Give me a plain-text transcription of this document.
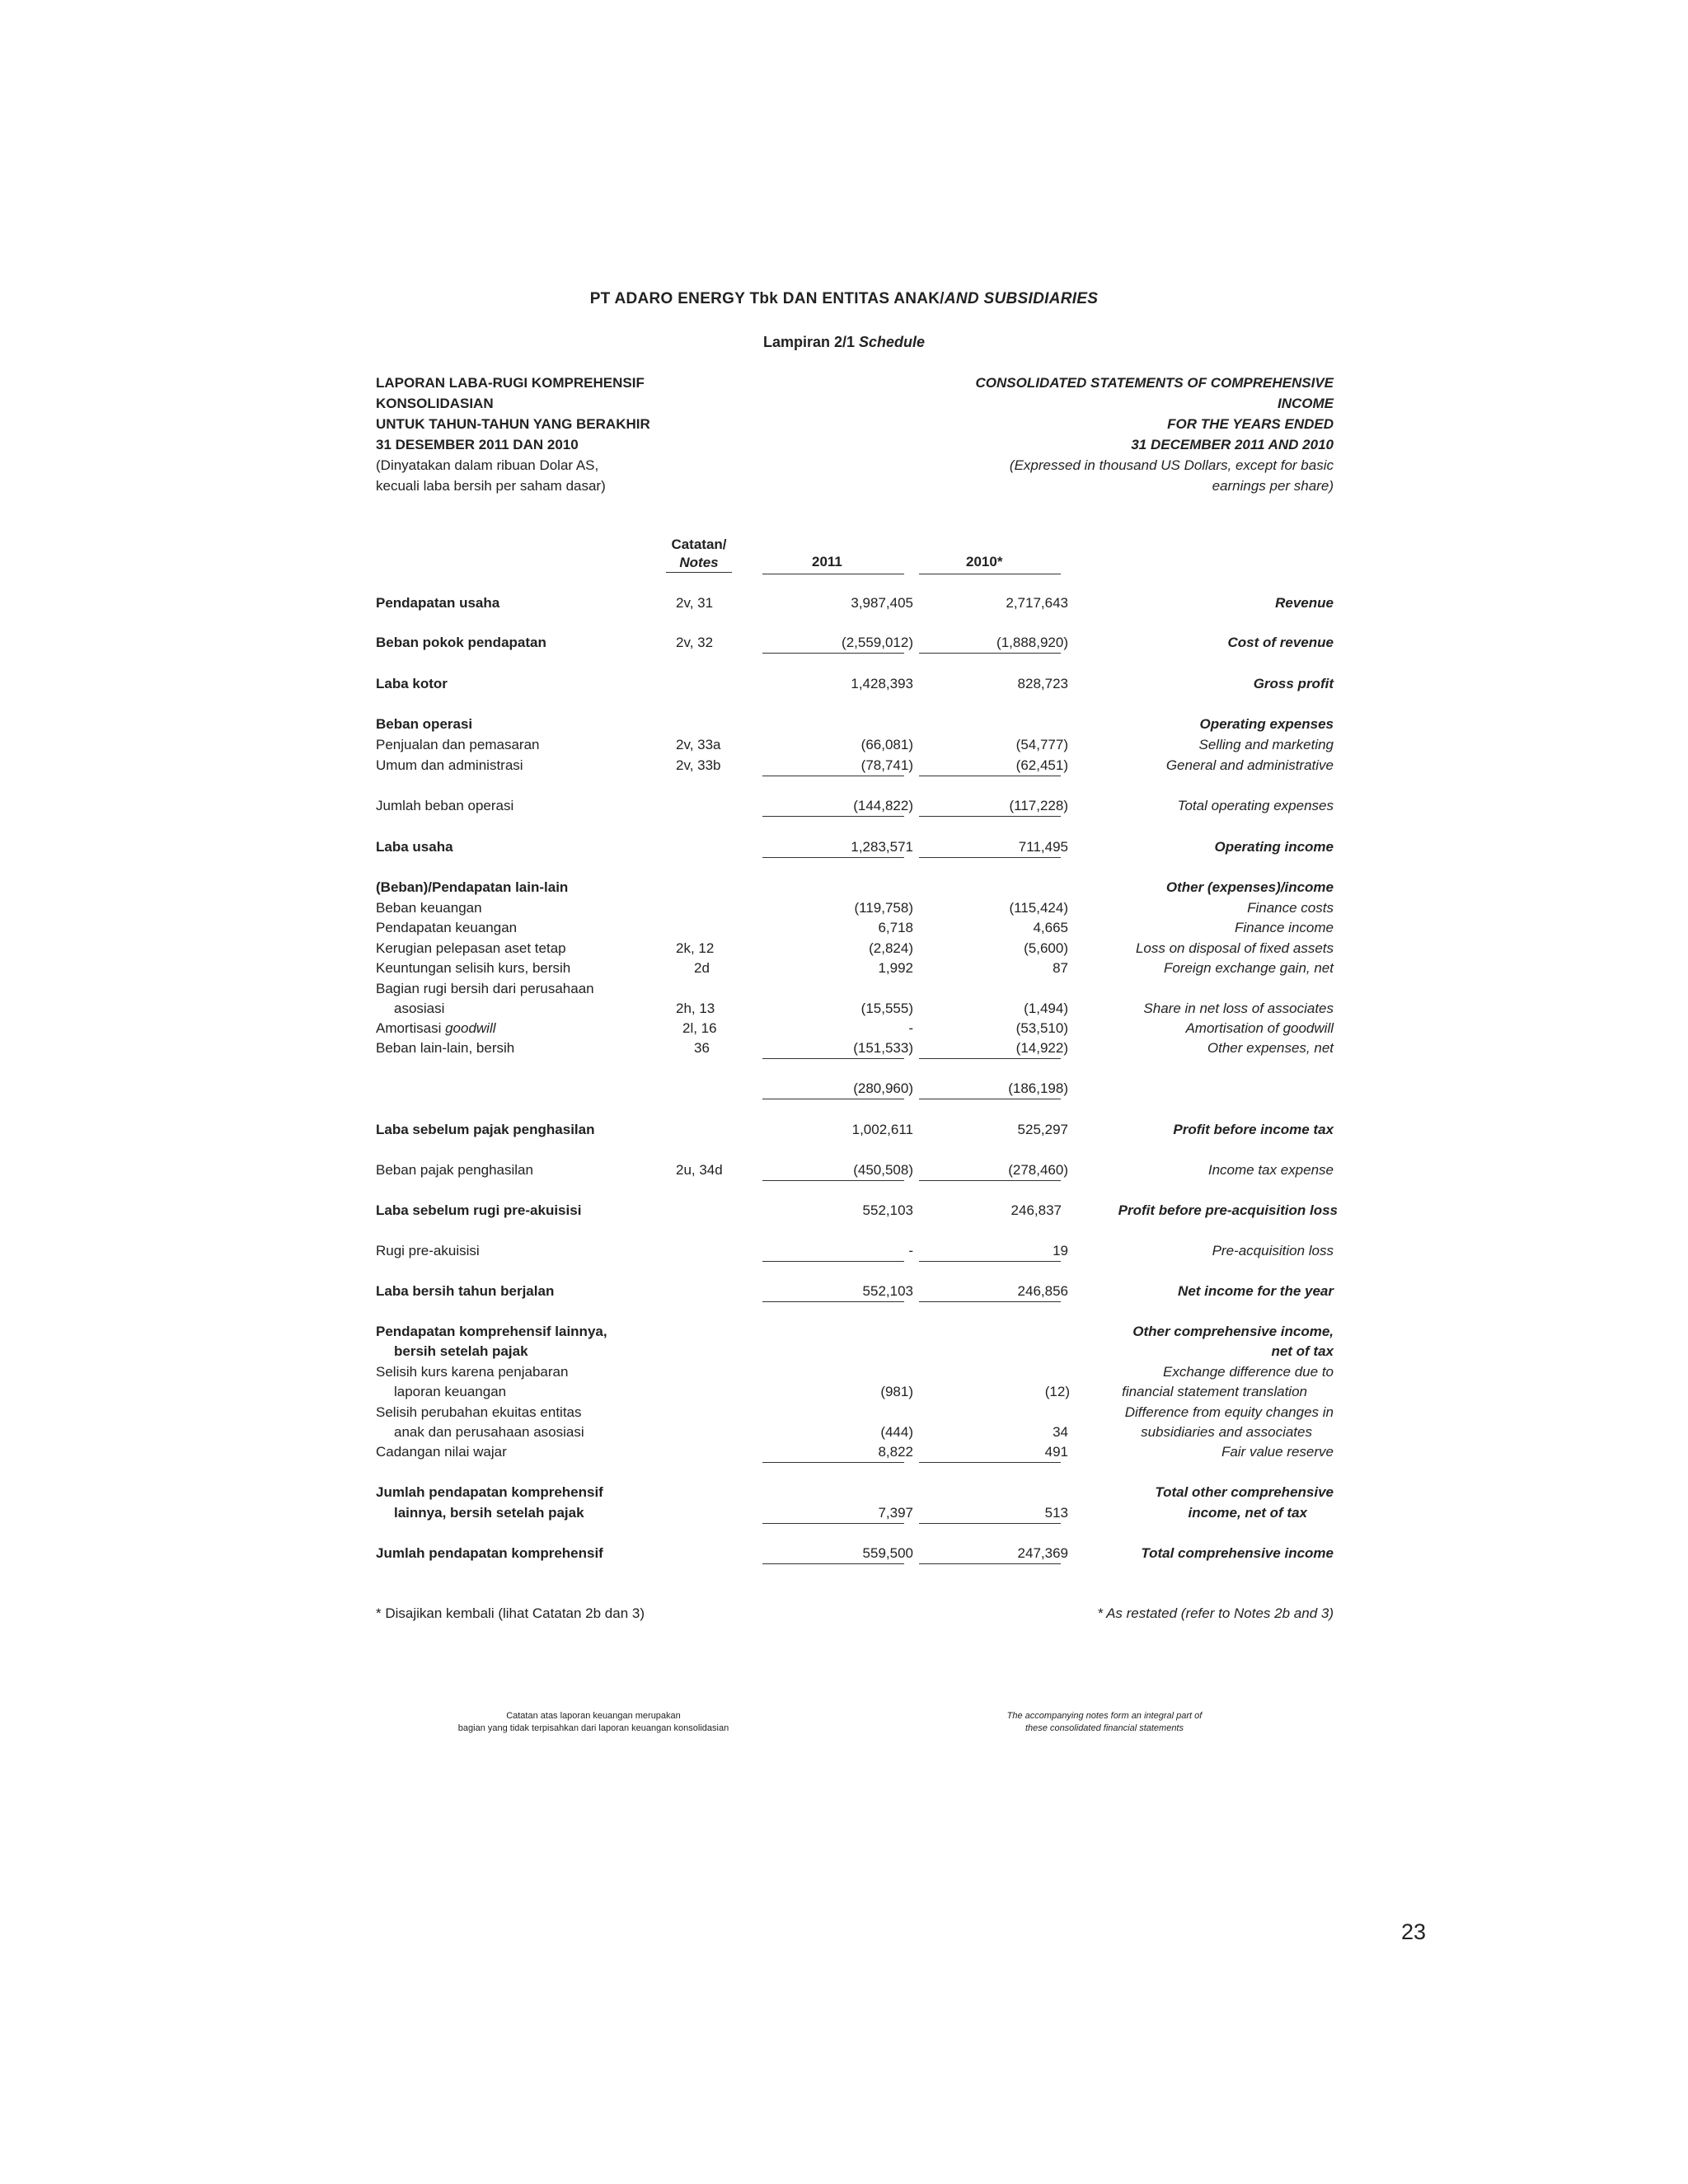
PT ADARO ENERGY Tbk DAN ENTITAS ANAK/AND SUBSIDIARIES
Lampiran 2/1 Schedule
LAPORAN LABA-RUGI KOMPREHENSIF
KONSOLIDASIAN
UNTUK TAHUN-TAHUN YANG BERAKHIR
31 DESEMBER 2011 DAN 2010
(Dinyatakan dalam ribuan Dolar AS,
kecuali laba bersih per saham dasar)
CONSOLIDATED STATEMENTS OF COMPREHENSIVE
INCOME
FOR THE YEARS ENDED
31 DECEMBER 2011 AND 2010
(Expressed in thousand US Dollars, except for basic
earnings per share)
Catatan/
Notes	2011	2010*
Pendapatan usaha	2v, 31	3,987,405	2,717,643	Revenue
Beban pokok pendapatan	2v, 32	(2,559,012)	(1,888,920)	Cost of revenue
Laba kotor	1,428,393	828,723	Gross profit
Beban operasi	Operating expenses
Penjualan dan pemasaran	2v, 33a	(66,081)	(54,777)	Selling and marketing
Umum dan administrasi	2v, 33b	(78,741)	(62,451)	General and administrative
Jumlah beban operasi	(144,822)	(117,228)	Total operating expenses
Laba usaha	1,283,571	711,495	Operating income
(Beban)/Pendapatan lain-lain	Other (expenses)/income
Beban keuangan	(119,758)	(115,424)	Finance costs
Pendapatan keuangan	6,718	4,665	Finance income
Kerugian pelepasan aset tetap	2k, 12	(2,824)	(5,600)	Loss on disposal of fixed assets
Keuntungan selisih kurs, bersih	2d	1,992	87	Foreign exchange gain, net
Bagian rugi bersih dari perusahaan
asosiasi	2h, 13	(15,555)	(1,494)	Share in net loss of associates
Amortisasi goodwill	2l, 16	-	(53,510)	Amortisation of goodwill
Beban lain-lain, bersih	36	(151,533)	(14,922)	Other expenses, net
(280,960)	(186,198)
Laba sebelum pajak penghasilan	1,002,611	525,297	Profit before income tax
Beban pajak penghasilan	2u, 34d	(450,508)	(278,460)	Income tax expense
Laba sebelum rugi pre-akuisisi	552,103	246,837	Profit before pre-acquisition loss
Rugi pre-akuisisi	-	19	Pre-acquisition loss
Laba bersih tahun berjalan	552,103	246,856	Net income for the year
Pendapatan komprehensif lainnya,	Other comprehensive income,
bersih setelah pajak	net of tax
Selisih kurs karena penjabaran	Exchange difference due to
laporan keuangan	(981)	(12)	financial statement translation
Selisih perubahan ekuitas entitas	Difference from equity changes in
anak dan perusahaan asosiasi	(444)	34	subsidiaries and associates
Cadangan nilai wajar	8,822	491	Fair value reserve
Jumlah pendapatan komprehensif	Total other comprehensive
lainnya, bersih setelah pajak	7,397	513	income, net of tax
Jumlah pendapatan komprehensif	559,500	247,369	Total comprehensive income
* Disajikan kembali (lihat Catatan 2b dan 3)	* As restated (refer to Notes 2b and 3)
Catatan atas laporan keuangan merupakan
bagian yang tidak terpisahkan dari laporan keuangan konsolidasian
The accompanying notes form an integral part of
these consolidated financial statements
23
